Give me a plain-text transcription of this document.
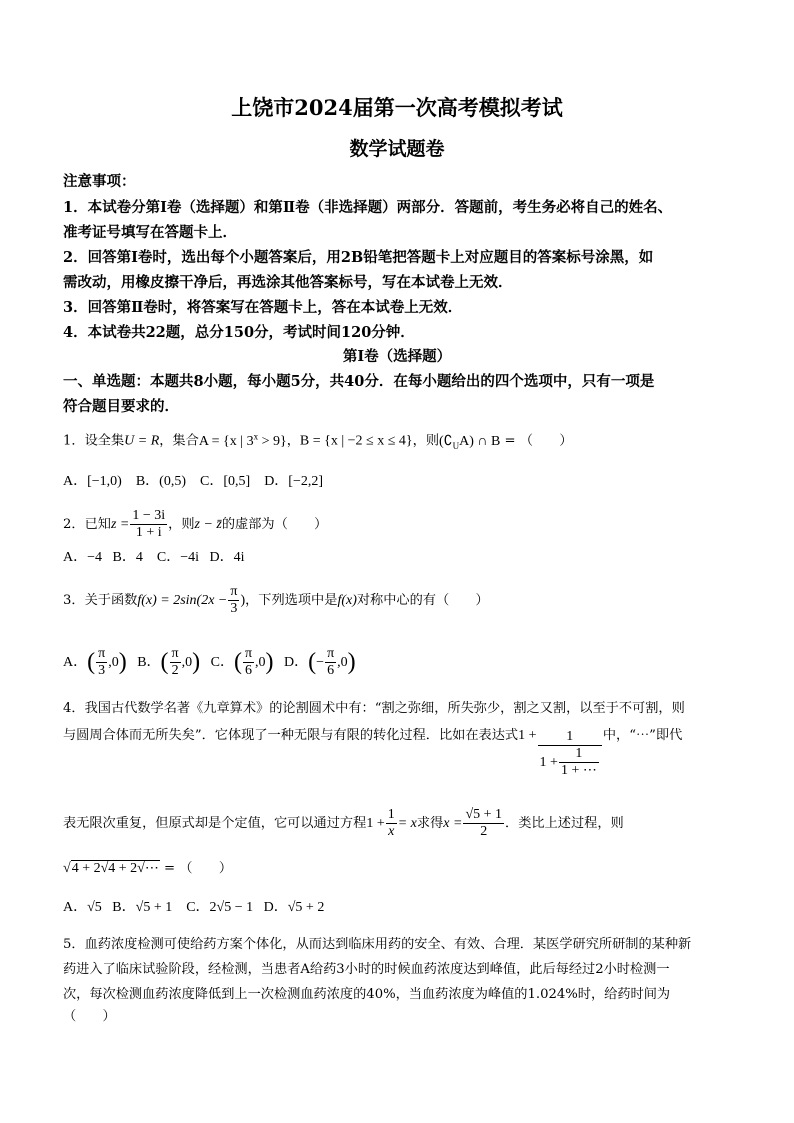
上饶市2024届第一次高考模拟考试
数学试题卷
注意事项：
1．本试卷分第Ⅰ卷（选择题）和第Ⅱ卷（非选择题）两部分．答题前，考生务必将自己的姓名、
准考证号填写在答题卡上．
2．回答第Ⅰ卷时，选出每个小题答案后，用2B铅笔把答题卡上对应题目的答案标号涂黑，如
需改动，用橡皮擦干净后，再选涂其他答案标号，写在本试卷上无效．
3．回答第Ⅱ卷时，将答案写在答题卡上，答在本试卷上无效．
4．本试卷共22题，总分150分，考试时间120分钟．
第Ⅰ卷（选择题）
一、单选题：本题共8小题，每小题5分，共40分．在每小题给出的四个选项中，只有一项是
符合题目要求的．
1．设全集U = R，集合A = {x | $3^x > 9$}，B = {x | −2 ≤ x ≤ 4}，则$(∁_UA)$ ∩ B = （　　）
A．[−1,0) B．(0,5) C．[0,5] D．[−2,2]
2．已知$z = \frac{1 - 3i}{1 + i}$ ，则z − z̄的虚部为（　　）
A．−4 B．4 C．−4i D．4i
3．关于函数$f(x) = 2\sin(2x - \frac{\pi}{3}$ )，下列选项中是f(x)对称中心的有（　　）
A．( $\frac{\pi}{3} ,0$) B．( $\frac{\pi}{2} ,0$) C．( $\frac{\pi}{6} ,0$) D．(− $\frac{\pi}{6} ,0$)
4．我国古代数学名著《九章算术》的论割圆术中有：“割之弥细，所失弥少，割之又割，以至于不可割，则
与圆周合体而无所失矣”．它体现了一种无限与有限的转化过程．比如在表达式$1 + \frac{1}{1 + \frac{1}{1 + \cdots}}$ 中，“⋯”即代
表无限次重复，但原式却是个定值，它可以通过方程$1 + \frac{1}{x} = x$求得$x = \frac{√5 + 1}{2}$ ．类比上述过程，则
√4 + 2√4 + 2√⋯ = （　　）
A．√5 B．√5 + 1 C．2√5 − 1 D．√5 + 2
5．血药浓度检测可使给药方案个体化，从而达到临床用药的安全、有效、合理．某医学研究所研制的某种新
药进入了临床试验阶段，经检测，当患者A给药3小时的时候血药浓度达到峰值，此后每经过2小时检测一
次，每次检测血药浓度降低到上一次检测血药浓度的40%，当血药浓度为峰值的1.024%时，给药时间为
（　　）
